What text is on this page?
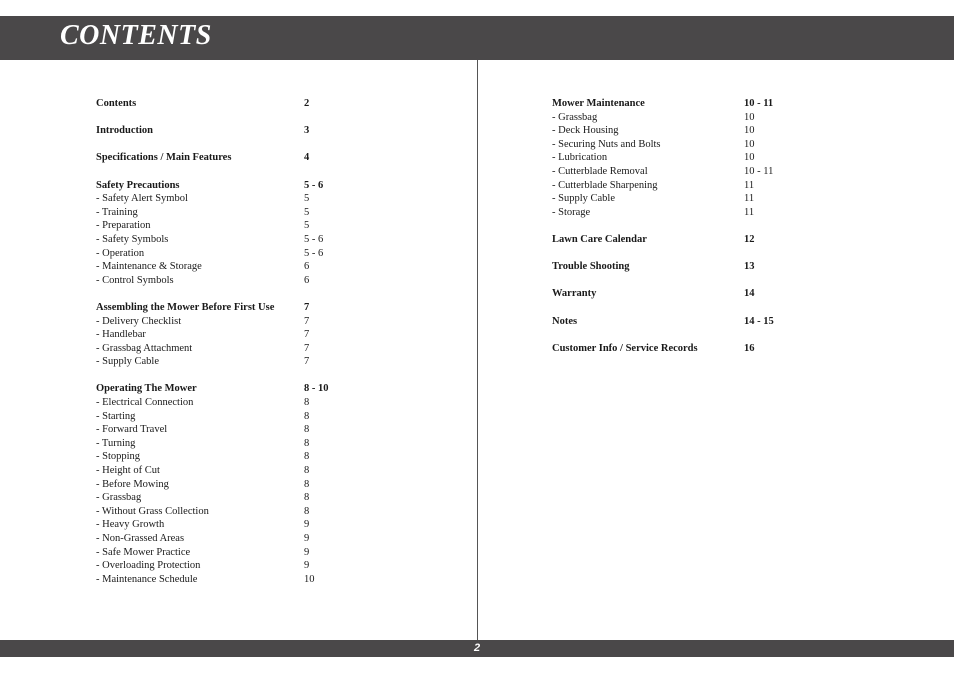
CONTENTS
Contents	2
Introduction	3
Specifications / Main Features	4
Safety Precautions	5 - 6
- Safety Alert Symbol	5
- Training	5
- Preparation	5
- Safety Symbols	5 - 6
- Operation	5 - 6
- Maintenance & Storage	6
- Control Symbols	6
Assembling the Mower Before First Use	7
- Delivery Checklist	7
- Handlebar	7
- Grassbag Attachment	7
- Supply Cable	7
Operating The Mower	8 - 10
- Electrical Connection	8
- Starting	8
- Forward Travel	8
- Turning	8
- Stopping	8
- Height of Cut	8
- Before Mowing	8
- Grassbag	8
- Without Grass Collection	8
- Heavy Growth	9
- Non-Grassed Areas	9
- Safe Mower Practice	9
- Overloading Protection	9
- Maintenance Schedule	10
Mower Maintenance	10 - 11
- Grassbag	10
- Deck Housing	10
- Securing Nuts and Bolts	10
- Lubrication	10
- Cutterblade Removal	10 - 11
- Cutterblade Sharpening	11
- Supply Cable	11
- Storage	11
Lawn Care Calendar	12
Trouble Shooting	13
Warranty	14
Notes	14 - 15
Customer Info / Service Records	16
2
